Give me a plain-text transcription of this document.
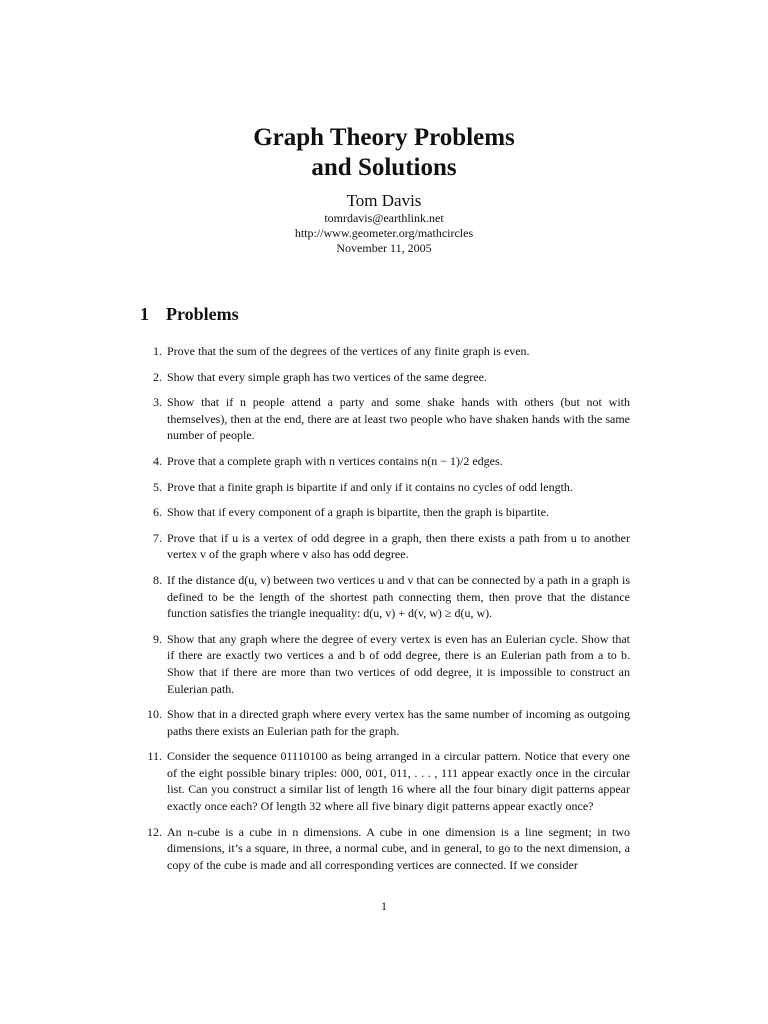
Graph Theory Problems
and Solutions
Tom Davis
tomrdavis@earthlink.net
http://www.geometer.org/mathcircles
November 11, 2005
1 Problems
1. Prove that the sum of the degrees of the vertices of any finite graph is even.
2. Show that every simple graph has two vertices of the same degree.
3. Show that if n people attend a party and some shake hands with others (but not with themselves), then at the end, there are at least two people who have shaken hands with the same number of people.
4. Prove that a complete graph with n vertices contains n(n − 1)/2 edges.
5. Prove that a finite graph is bipartite if and only if it contains no cycles of odd length.
6. Show that if every component of a graph is bipartite, then the graph is bipartite.
7. Prove that if u is a vertex of odd degree in a graph, then there exists a path from u to another vertex v of the graph where v also has odd degree.
8. If the distance d(u, v) between two vertices u and v that can be connected by a path in a graph is defined to be the length of the shortest path connecting them, then prove that the distance function satisfies the triangle inequality: d(u, v) + d(v, w) ≥ d(u, w).
9. Show that any graph where the degree of every vertex is even has an Eulerian cycle. Show that if there are exactly two vertices a and b of odd degree, there is an Eulerian path from a to b. Show that if there are more than two vertices of odd degree, it is impossible to construct an Eulerian path.
10. Show that in a directed graph where every vertex has the same number of incoming as outgoing paths there exists an Eulerian path for the graph.
11. Consider the sequence 01110100 as being arranged in a circular pattern. Notice that every one of the eight possible binary triples: 000, 001, 011, . . . , 111 appear exactly once in the circular list. Can you construct a similar list of length 16 where all the four binary digit patterns appear exactly once each? Of length 32 where all five binary digit patterns appear exactly once?
12. An n-cube is a cube in n dimensions. A cube in one dimension is a line segment; in two dimensions, it’s a square, in three, a normal cube, and in general, to go to the next dimension, a copy of the cube is made and all corresponding vertices are connected. If we consider
1
